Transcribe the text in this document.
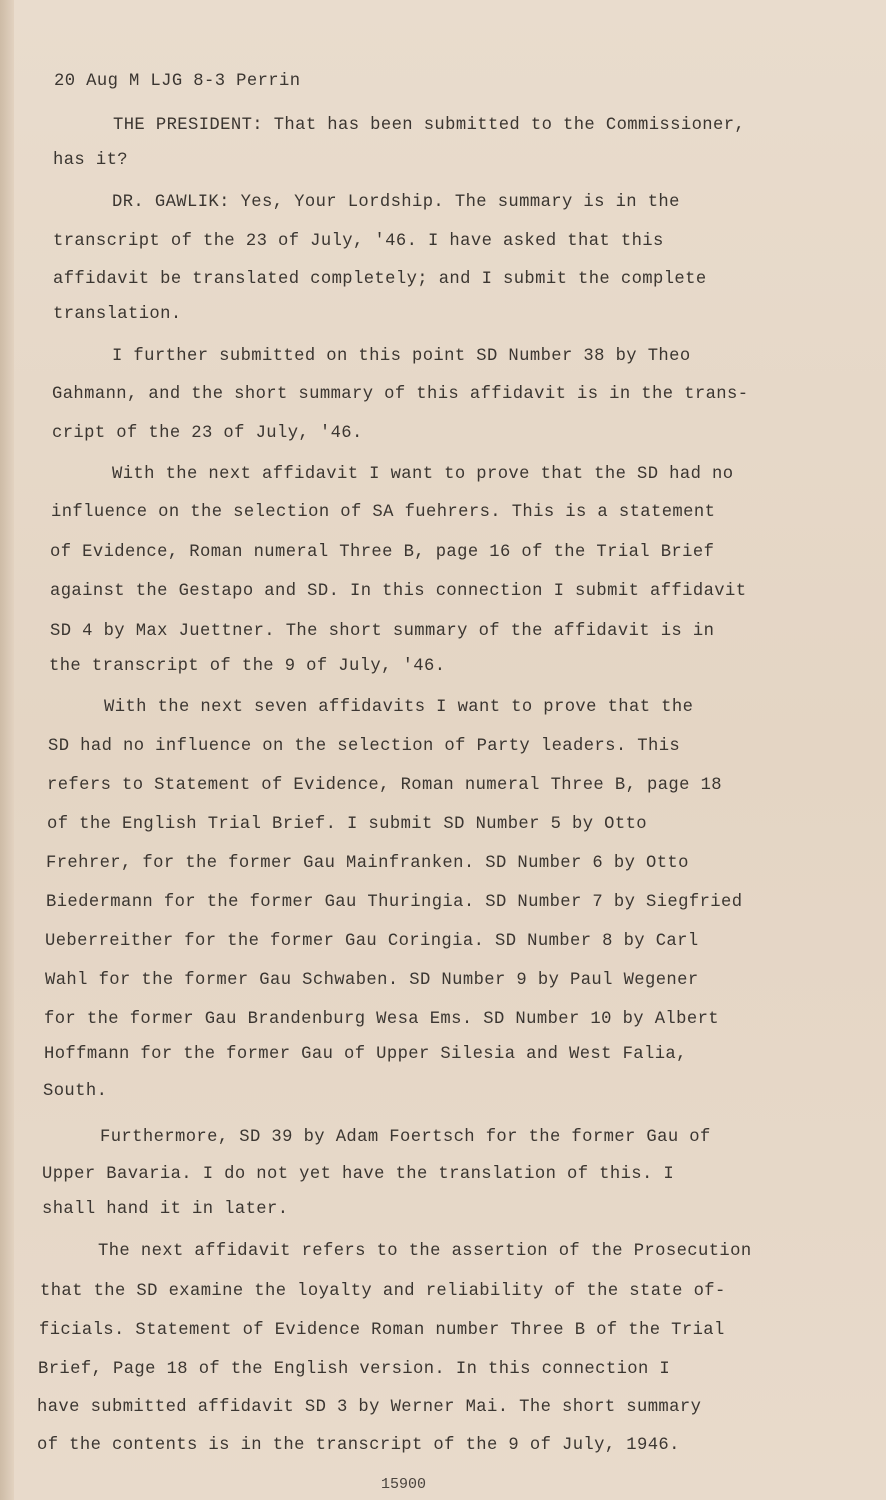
20 Aug M LJG 8-3 Perrin
THE PRESIDENT: That has been submitted to the Commissioner,
has it?
DR. GAWLIK: Yes, Your Lordship. The summary is in the
transcript of the 23 of July, '46. I have asked that this
affidavit be translated completely; and I submit the complete
translation.
I further submitted on this point SD Number 38 by Theo
Gahmann, and the short summary of this affidavit is in the trans-
cript of the 23 of July, '46.
With the next affidavit I want to prove that the SD had no
influence on the selection of SA fuehrers. This is a statement
of Evidence, Roman numeral Three B, page 16 of the Trial Brief
against the Gestapo and SD. In this connection I submit affidavit
SD 4 by Max Juettner. The short summary of the affidavit is in
the transcript of the 9 of July, '46.
With the next seven affidavits I want to prove that the
SD had no influence on the selection of Party leaders. This
refers to Statement of Evidence, Roman numeral Three B, page 18
of the English Trial Brief. I submit SD Number 5 by Otto
Frehrer, for the former Gau Mainfranken. SD Number 6 by Otto
Biedermann for the former Gau Thuringia. SD Number 7 by Siegfried
Ueberreither for the former Gau Coringia. SD Number 8 by Carl
Wahl for the former Gau Schwaben. SD Number 9 by Paul Wegener
for the former Gau Brandenburg Wesa Ems. SD Number 10 by Albert
Hoffmann for the former Gau of Upper Silesia and West Falia,
South.
Furthermore, SD 39 by Adam Foertsch for the former Gau of
Upper Bavaria. I do not yet have the translation of this. I
shall hand it in later.
The next affidavit refers to the assertion of the Prosecution
that the SD examine the loyalty and reliability of the state of-
ficials. Statement of Evidence Roman number Three B of the Trial
Brief, Page 18 of the English version. In this connection I
have submitted affidavit SD 3 by Werner Mai. The short summary
of the contents is in the transcript of the 9 of July, 1946.
15900
